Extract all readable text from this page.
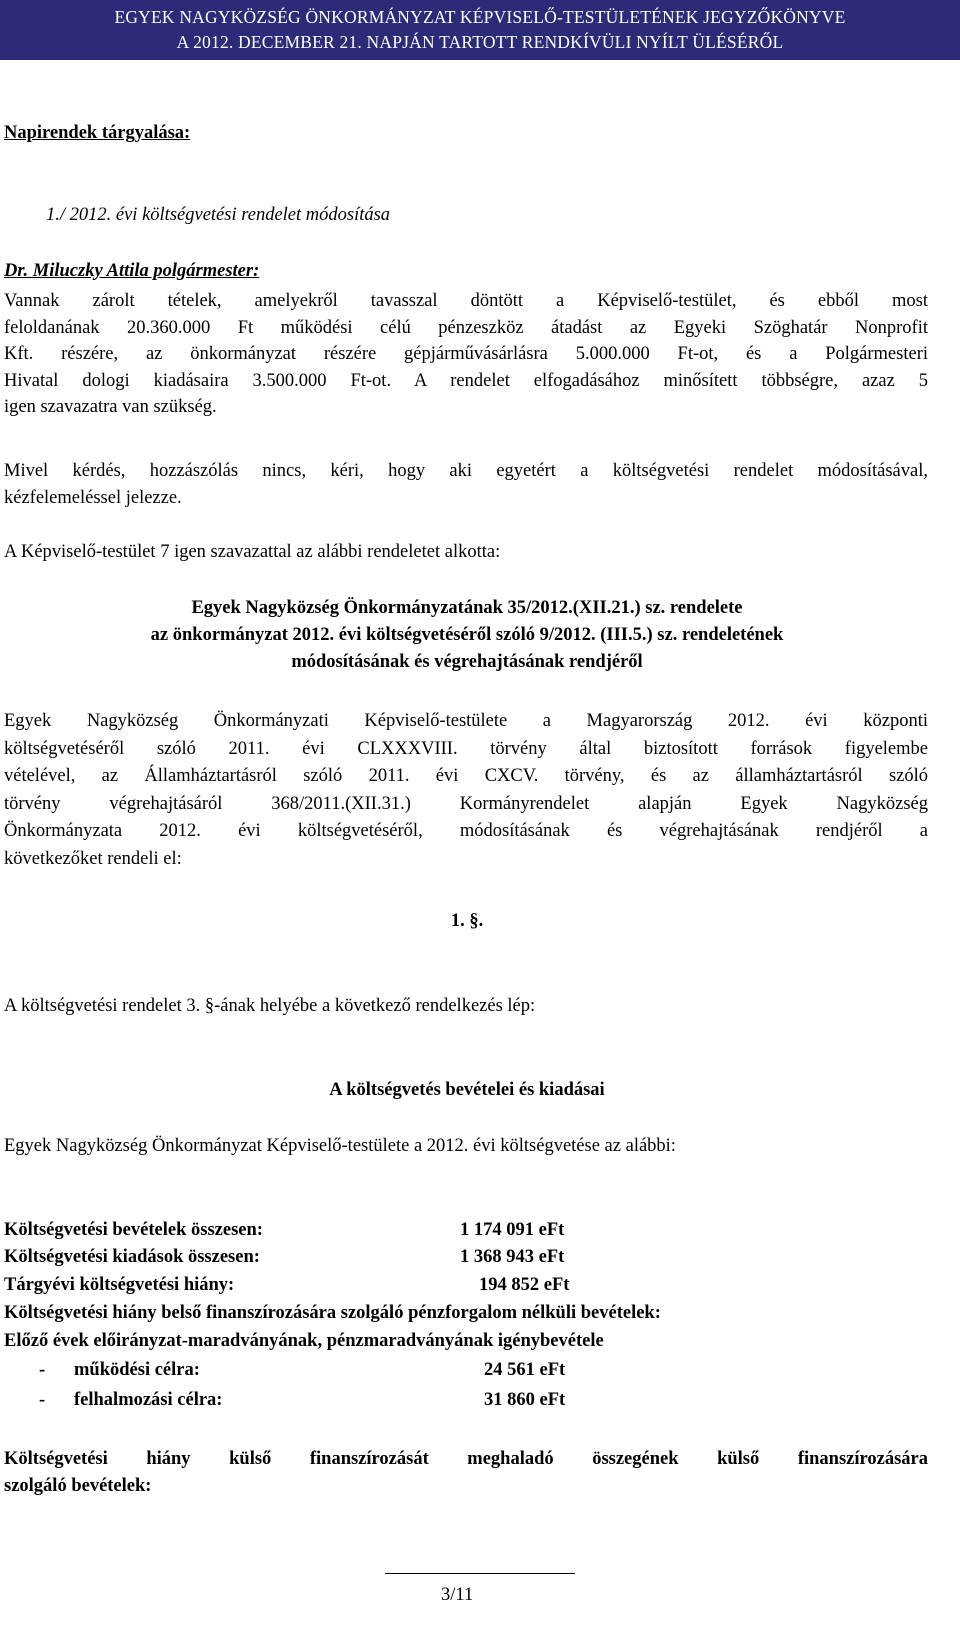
EGYEK NAGYKÖZSÉG ÖNKORMÁNYZAT KÉPVISELŐ-TESTÜLETÉNEK JEGYZŐKÖNYVE
A 2012. DECEMBER 21. NAPJÁN TARTOTT RENDKÍVÜLI NYÍLT ÜLÉSÉRŐL
Napirendek tárgyalása:
1./ 2012. évi költségvetési rendelet módosítása
Dr. Miluczky Attila polgármester:
Vannak zárolt tételek, amelyekről tavasszal döntött a Képviselő-testület, és ebből most
feloldanának 20.360.000 Ft működési célú pénzeszköz átadást az Egyeki Szöghatár Nonprofit
Kft. részére, az önkormányzat részére gépjárművásárlásra 5.000.000 Ft-ot, és a Polgármesteri
Hivatal dologi kiadásaira 3.500.000 Ft-ot. A rendelet elfogadásához minősített többségre, azaz 5
igen szavazatra van szükség.
Mivel kérdés, hozzászólás nincs, kéri, hogy aki egyetért a költségvetési rendelet módosításával,
kézfelemeléssel jelezze.
A Képviselő-testület 7 igen szavazattal az alábbi rendeletet alkotta:
Egyek Nagyközség Önkormányzatának 35/2012.(XII.21.) sz. rendelete
az önkormányzat 2012. évi költségvetéséről szóló 9/2012. (III.5.) sz. rendeletének
módosításának és végrehajtásának rendjéről
Egyek Nagyközség Önkormányzati Képviselő-testülete a Magyarország 2012. évi központi
költségvetéséről szóló 2011. évi CLXXXVIII. törvény által biztosított források figyelembe
vételével, az Államháztartásról szóló 2011. évi CXCV. törvény, és az államháztartásról szóló
törvény végrehajtásáról 368/2011.(XII.31.) Kormányrendelet alapján Egyek Nagyközség
Önkormányzata 2012. évi költségvetéséről, módosításának és végrehajtásának rendjéről a
következőket rendeli el:
1. §.
A költségvetési rendelet 3. §-ának helyébe a következő rendelkezés lép:
A költségvetés bevételei és kiadásai
Egyek Nagyközség Önkormányzat Képviselő-testülete a 2012. évi költségvetése az alábbi:
Költségvetési bevételek összesen:	1 174 091 eFt
Költségvetési kiadások összesen:	1 368 943 eFt
Tárgyévi költségvetési hiány:	194 852 eFt
Költségvetési hiány belső finanszírozására szolgáló pénzforgalom nélküli bevételek:
Előző évek előirányzat-maradványának, pénzmaradványának igénybevétele
- működési célra:	24 561 eFt
- felhalmozási célra:	31 860 eFt
Költségvetési hiány külső finanszírozását meghaladó összegének külső finanszírozására
szolgáló bevételek:
3/11
